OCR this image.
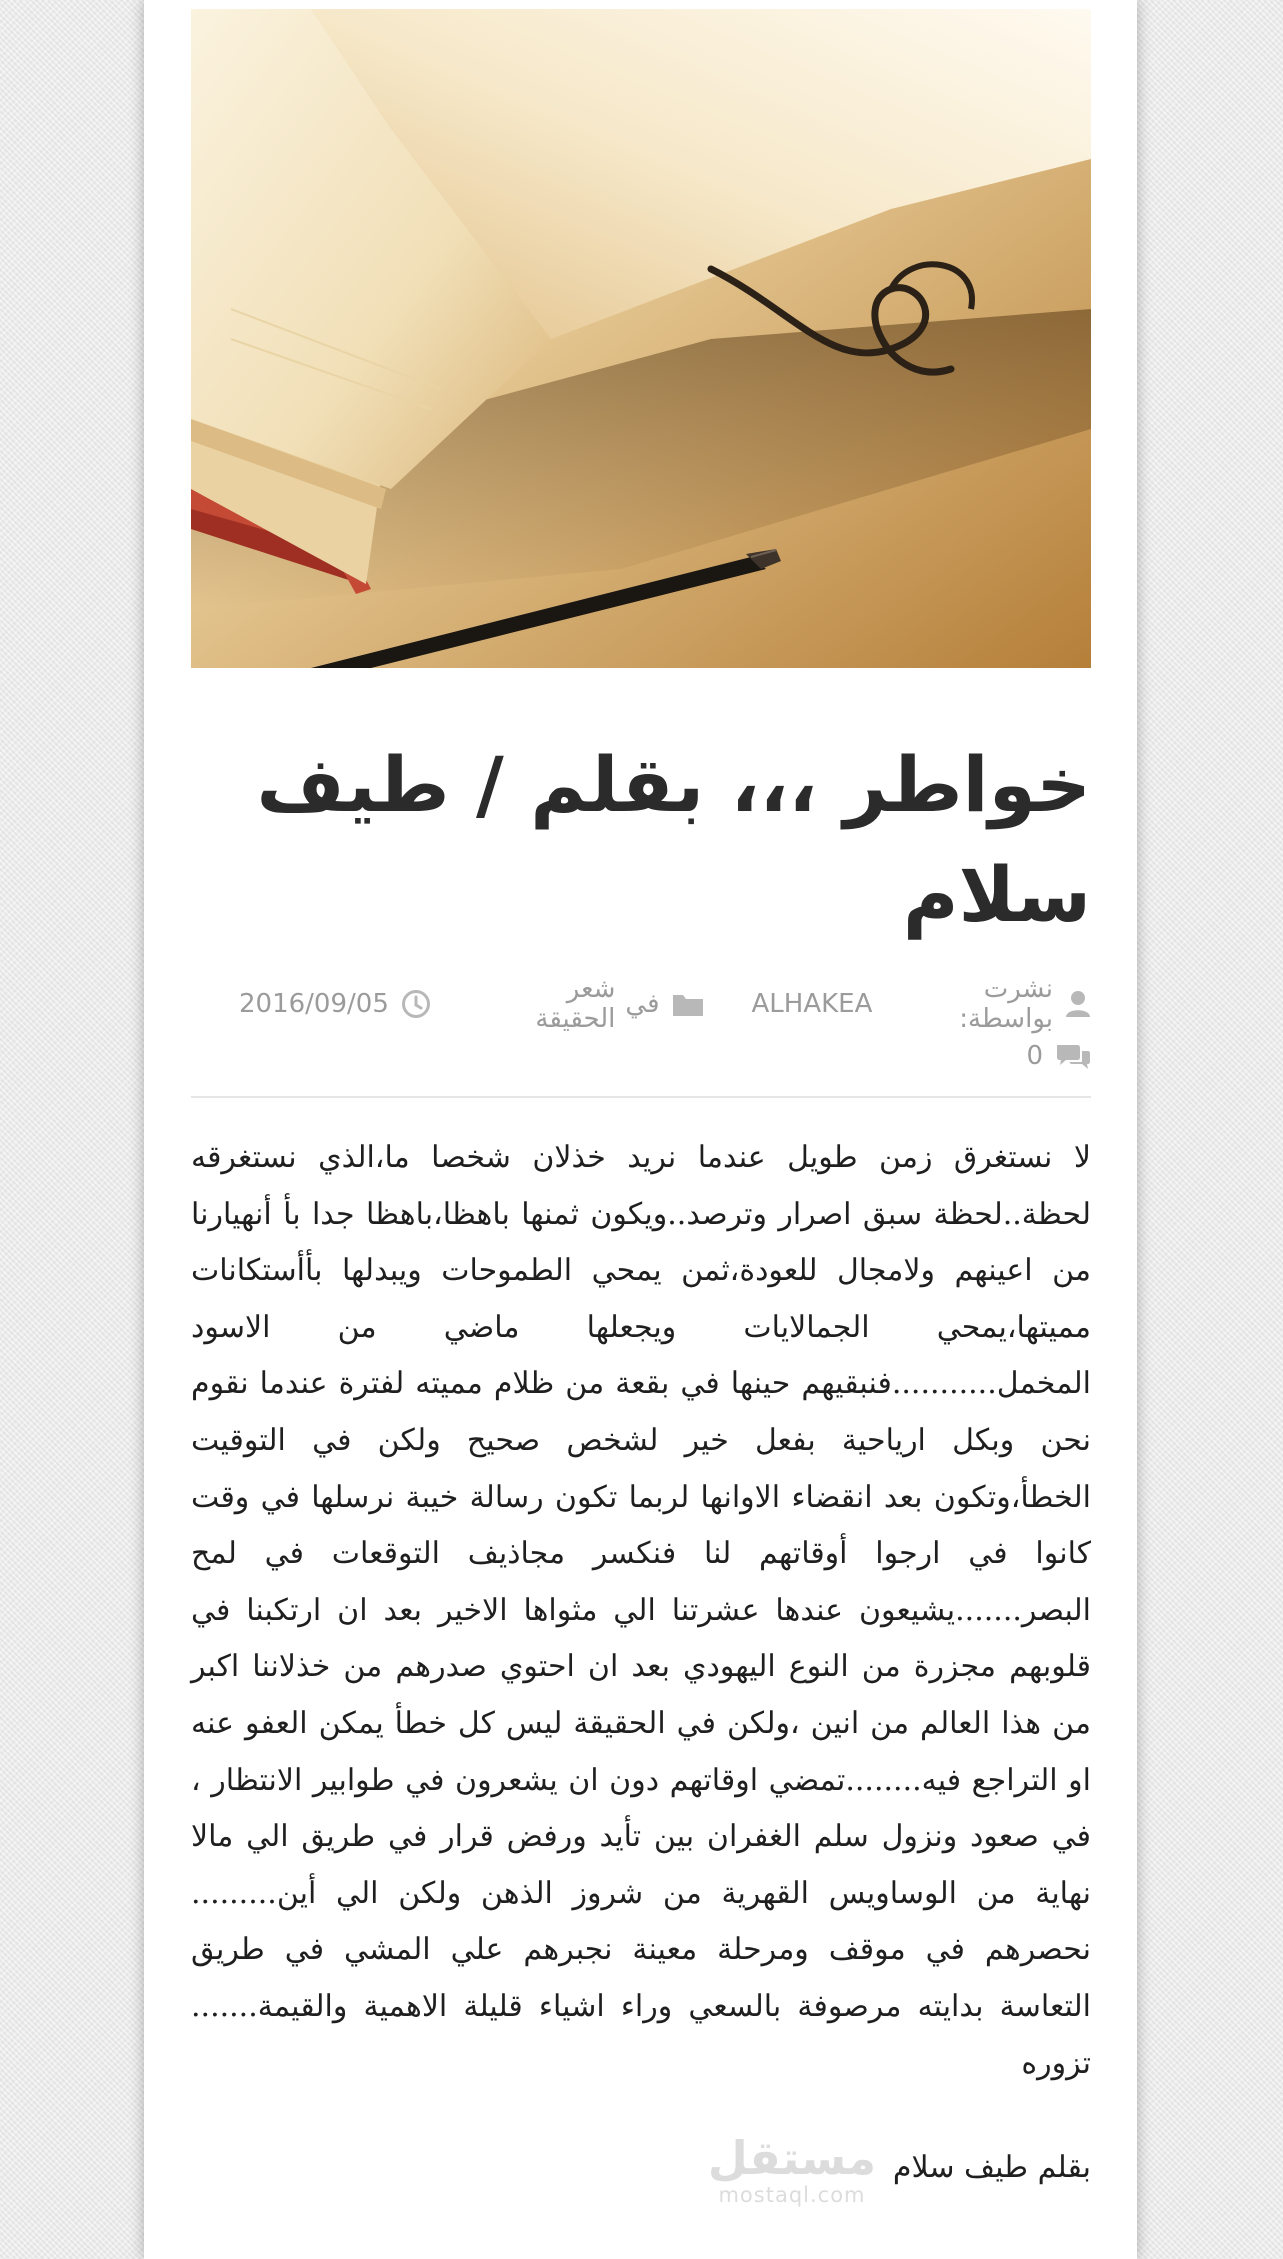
خواطر ،،، بقلم / طيف سلام
نشرت بواسطة:
ALHAKEA
في
شعر الحقيقة
2016/09/05
0

لا نستغرق زمن طويل عندما نريد خذلان شخصا ما،الذي نستغرقه لحظة..لحظة سبق اصرار وترصد..ويكون ثمنها باهظا،باهظا جدا بأ أنهيارنا من اعينهم ولامجال للعودة،ثمن يمحي الطموحات ويبدلها بأأستكانات مميتها،يمحي الجمالايات ويجعلها ماضي من الاسود المخمل...........فنبقيهم حينها في بقعة من ظلام مميته لفترة عندما نقوم نحن وبكل ارياحية بفعل خير لشخص صحيح ولكن في التوقيت الخطأ،وتكون بعد انقضاء الاوانها لربما تكون رسالة خيبة نرسلها في وقت كانوا في ارجوا أوقاتهم لنا فنكسر مجاذيف التوقعات في لمح البصر.......يشيعون عندها عشرتنا الي مثواها الاخير بعد ان ارتكبنا في قلوبهم مجزرة من النوع اليهودي بعد ان احتوي صدرهم من خذلاننا اكبر من هذا العالم من انين ،ولكن في الحقيقة ليس كل خطأ يمكن العفو عنه او التراجع فيه........تمضي اوقاتهم دون ان يشعرون في طوابير الانتظار ، في صعود ونزول سلم الغفران بين تأيد ورفض قرار في طريق الي مالا نهاية من الوساويس القهرية من شروز الذهن ولكن الي أين......... نحصرهم في موقف ومرحلة معينة نجبرهم علي المشي في طريق التعاسة بدايته مرصوفة بالسعي وراء اشياء قليلة الاهمية والقيمة....... تزوره

بقلم طيف سلام

مستقل
mostaql.com
